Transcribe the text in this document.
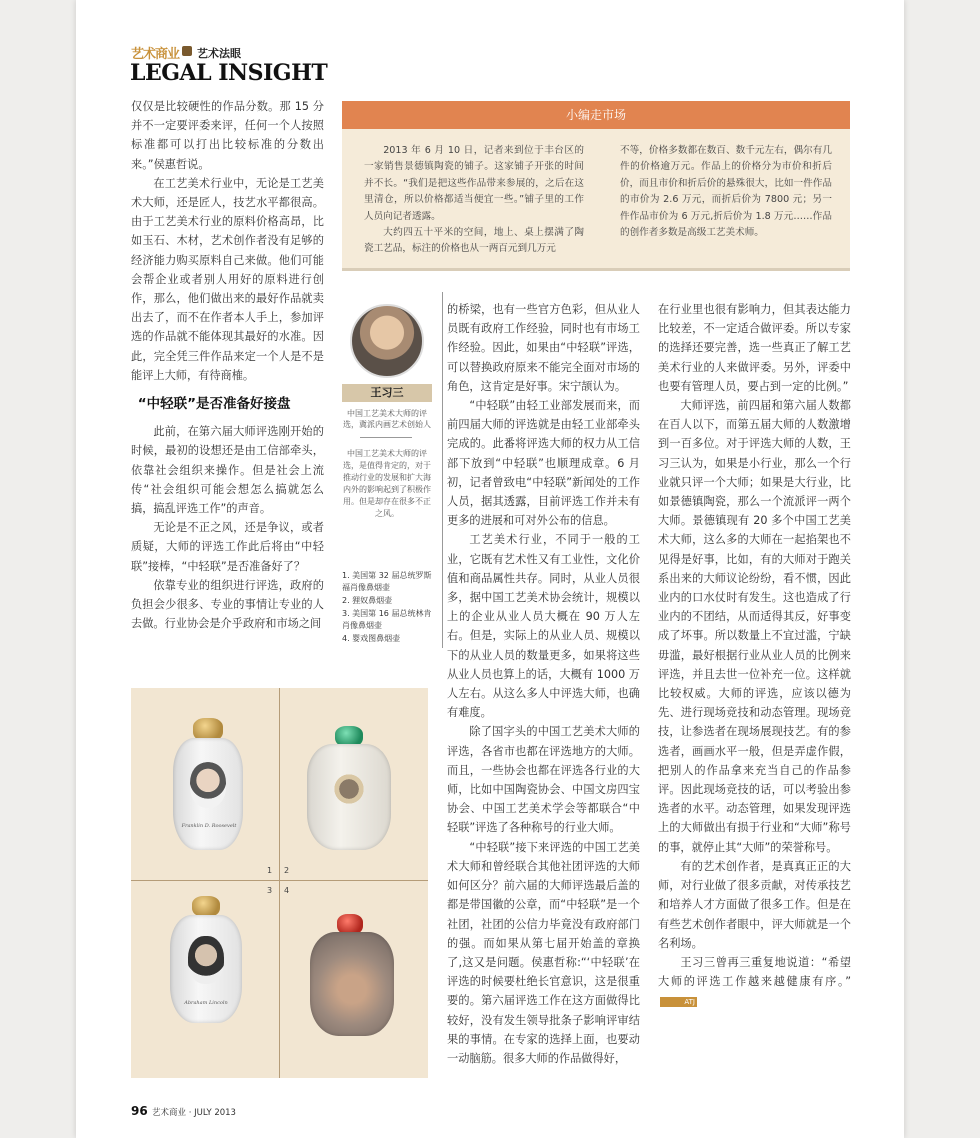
艺术商业 艺术法眼
LEGAL INSIGHT

仅仅是比较硬性的作品分数。那 15 分并不一定要评委来评，任何一个人按照标准都可以打出比较标准的分数出来。”侯惠哲说。

在工艺美术行业中，无论是工艺美术大师，还是匠人，技艺水平都很高。由于工艺美术行业的原料价格高昂，比如玉石、木材，艺术创作者没有足够的经济能力购买原料自己来做。他们可能会帮企业或者别人用好的原料进行创作，那么，他们做出来的最好作品就卖出去了，而不在作者本人手上，参加评选的作品就不能体现其最好的水准。因此，完全凭三件作品来定一个人是不是能评上大师，有待商榷。

“中轻联”是否准备好接盘

此前，在第六届大师评选刚开始的时候，最初的设想还是由工信部牵头，依靠社会组织来操作。但是社会上流传“社会组织可能会想怎么搞就怎么搞，搞乱评选工作”的声音。

无论是不正之风，还是争议，或者质疑，大师的评选工作此后将由“中轻联”接棒，“中轻联”是否准备好了？

依靠专业的组织进行评选，政府的负担会少很多、专业的事情让专业的人去做。行业协会是介乎政府和市场之间

小编走市场

2013 年 6 月 10 日，记者来到位于丰台区的一家销售景德镇陶瓷的铺子。这家铺子开张的时间并不长。“我们是把这些作品带来参展的，之后在这里清仓，所以价格都适当便宜一些。”铺子里的工作人员向记者透露。

大约四五十平米的空间，地上、桌上摆满了陶瓷工艺品，标注的价格也从一两百元到几万元

不等，价格多数都在数百、数千元左右，偶尔有几件的价格逾万元。作品上的价格分为市价和折后价，而且市价和折后价的悬殊很大，比如一件作品的市价为 2.6 万元，而折后价为 7800 元；另一件作品市价为 6 万元,折后价为 1.8 万元……作品的创作者多数是高级工艺美术师。

王习三
中国工艺美术大师的评选，冀派内画艺术创始人
中国工艺美术大师的评选，是值得肯定的，对于推动行业的发展和扩大海内外的影响起到了积极作用。但是却存在很多不正之风。
1. 美国第 32 届总统罗斯福肖像鼻烟壶
2. 狸奴鼻烟壶
3. 美国第 16 届总统林肯肖像鼻烟壶
4. 婴戏图鼻烟壶
1 2
3 4
Franklin D. Roosevelt
Abraham Lincoln

的桥梁，也有一些官方色彩，但从业人员既有政府工作经验，同时也有市场工作经验。因此，如果由“中轻联”评选，可以替换政府原来不能完全面对市场的角色，这肯定是好事。宋宁颉认为。

“中轻联”由轻工业部发展而来，而前四届大师的评选就是由轻工业部牵头完成的。此番将评选大师的权力从工信部下放到“中轻联”也顺理成章。6 月初，记者曾致电“中轻联”新闻处的工作人员，据其透露，目前评选工作并未有更多的进展和可对外公布的信息。

工艺美术行业，不同于一般的工业，它既有艺术性又有工业性，文化价值和商品属性共存。同时，从业人员很多，据中国工艺美术协会统计，规模以上的企业从业人员大概在 90 万人左右。但是，实际上的从业人员、规模以下的从业人员的数量更多，如果将这些从业人员也算上的话，大概有 1000 万人左右。从这么多人中评选大师，也确有难度。

除了国字头的中国工艺美术大师的评选，各省市也都在评选地方的大师。而且，一些协会也都在评选各行业的大师，比如中国陶瓷协会、中国文房四宝协会、中国工艺美术学会等都联合“中轻联”评选了各种称号的行业大师。

“中轻联”接下来评选的中国工艺美术大师和曾经联合其他社团评选的大师如何区分？前六届的大师评选最后盖的都是带国徽的公章，而“中轻联”是一个社团，社团的公信力毕竟没有政府部门的强。而如果从第七届开始盖的章换了,这又是问题。侯惠哲称:“‘中轻联’在评选的时候要杜绝长官意识，这是很重要的。第六届评选工作在这方面做得比较好，没有发生领导批条子影响评审结果的事情。在专家的选择上面，也要动一动脑筋。很多大师的作品做得好，

在行业里也很有影响力，但其表达能力比较差，不一定适合做评委。所以专家的选择还要完善，选一些真正了解工艺美术行业的人来做评委。另外，评委中也要有管理人员，要占到一定的比例。”

大师评选，前四届和第六届人数都在百人以下，而第五届大师的人数激增到一百多位。对于评选大师的人数，王习三认为，如果是小行业，那么一个行业就只评一个大师；如果是大行业，比如景德镇陶瓷，那么一个流派评一两个大师。景德镇现有 20 多个中国工艺美术大师，这么多的大师在一起掐架也不见得是好事，比如，有的大师对于跑关系出来的大师议论纷纷，看不惯，因此业内的口水仗时有发生。这也造成了行业内的不团结，从而适得其反，好事变成了坏事。所以数量上不宜过滥，宁缺毋滥，最好根据行业从业人员的比例来评选，并且去世一位补充一位。这样就比较权威。大师的评选，应该以德为先、进行现场竞技和动态管理。现场竞技，让参选者在现场展现技艺。有的参选者，画画水平一般，但是弄虚作假，把别人的作品拿来充当自己的作品参评。因此现场竞技的话，可以考验出参选者的水平。动态管理，如果发现评选上的大师做出有损于行业和“大师”称号的事，就停止其“大师”的荣誉称号。

有的艺术创作者，是真真正正的大师，对行业做了很多贡献，对传承技艺和培养人才方面做了很多工作。但是在有些艺术创作者眼中，评大师就是一个名利场。

王习三曾再三重复地说道：“希望大师的评选工作越来越健康有序。”ATJ

96 艺术商业 · JULY 2013
